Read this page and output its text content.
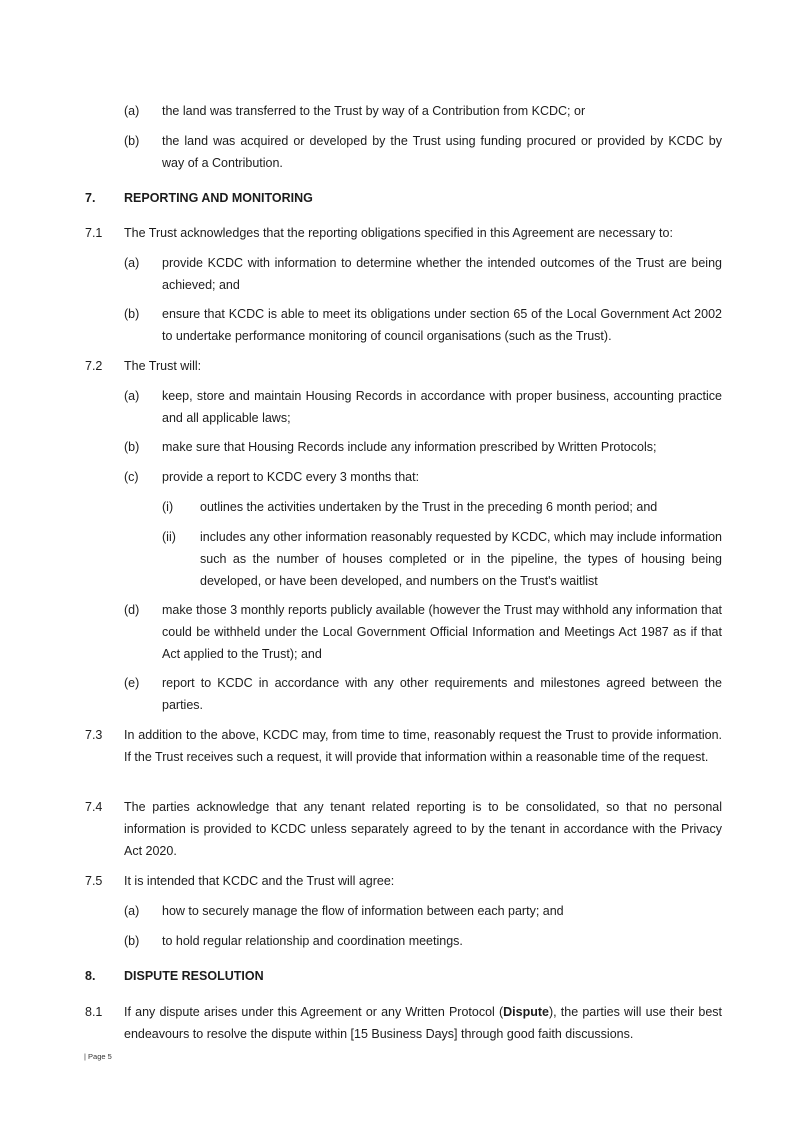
(a) the land was transferred to the Trust by way of a Contribution from KCDC; or
(b) the land was acquired or developed by the Trust using funding procured or provided by KCDC by way of a Contribution.
7. REPORTING AND MONITORING
7.1 The Trust acknowledges that the reporting obligations specified in this Agreement are necessary to:
(a) provide KCDC with information to determine whether the intended outcomes of the Trust are being achieved; and
(b) ensure that KCDC is able to meet its obligations under section 65 of the Local Government Act 2002 to undertake performance monitoring of council organisations (such as the Trust).
7.2 The Trust will:
(a) keep, store and maintain Housing Records in accordance with proper business, accounting practice and all applicable laws;
(b) make sure that Housing Records include any information prescribed by Written Protocols;
(c) provide a report to KCDC every 3 months that:
(i) outlines the activities undertaken by the Trust in the preceding 6 month period; and
(ii) includes any other information reasonably requested by KCDC, which may include information such as the number of houses completed or in the pipeline, the types of housing being developed, or have been developed, and numbers on the Trust's waitlist
(d) make those 3 monthly reports publicly available (however the Trust may withhold any information that could be withheld under the Local Government Official Information and Meetings Act 1987 as if that Act applied to the Trust); and
(e) report to KCDC in accordance with any other requirements and milestones agreed between the parties.
7.3 In addition to the above, KCDC may, from time to time, reasonably request the Trust to provide information. If the Trust receives such a request, it will provide that information within a reasonable time of the request.
7.4 The parties acknowledge that any tenant related reporting is to be consolidated, so that no personal information is provided to KCDC unless separately agreed to by the tenant in accordance with the Privacy Act 2020.
7.5 It is intended that KCDC and the Trust will agree:
(a) how to securely manage the flow of information between each party; and
(b) to hold regular relationship and coordination meetings.
8. DISPUTE RESOLUTION
8.1 If any dispute arises under this Agreement or any Written Protocol (Dispute), the parties will use their best endeavours to resolve the dispute within [15 Business Days] through good faith discussions.
| Page 5
